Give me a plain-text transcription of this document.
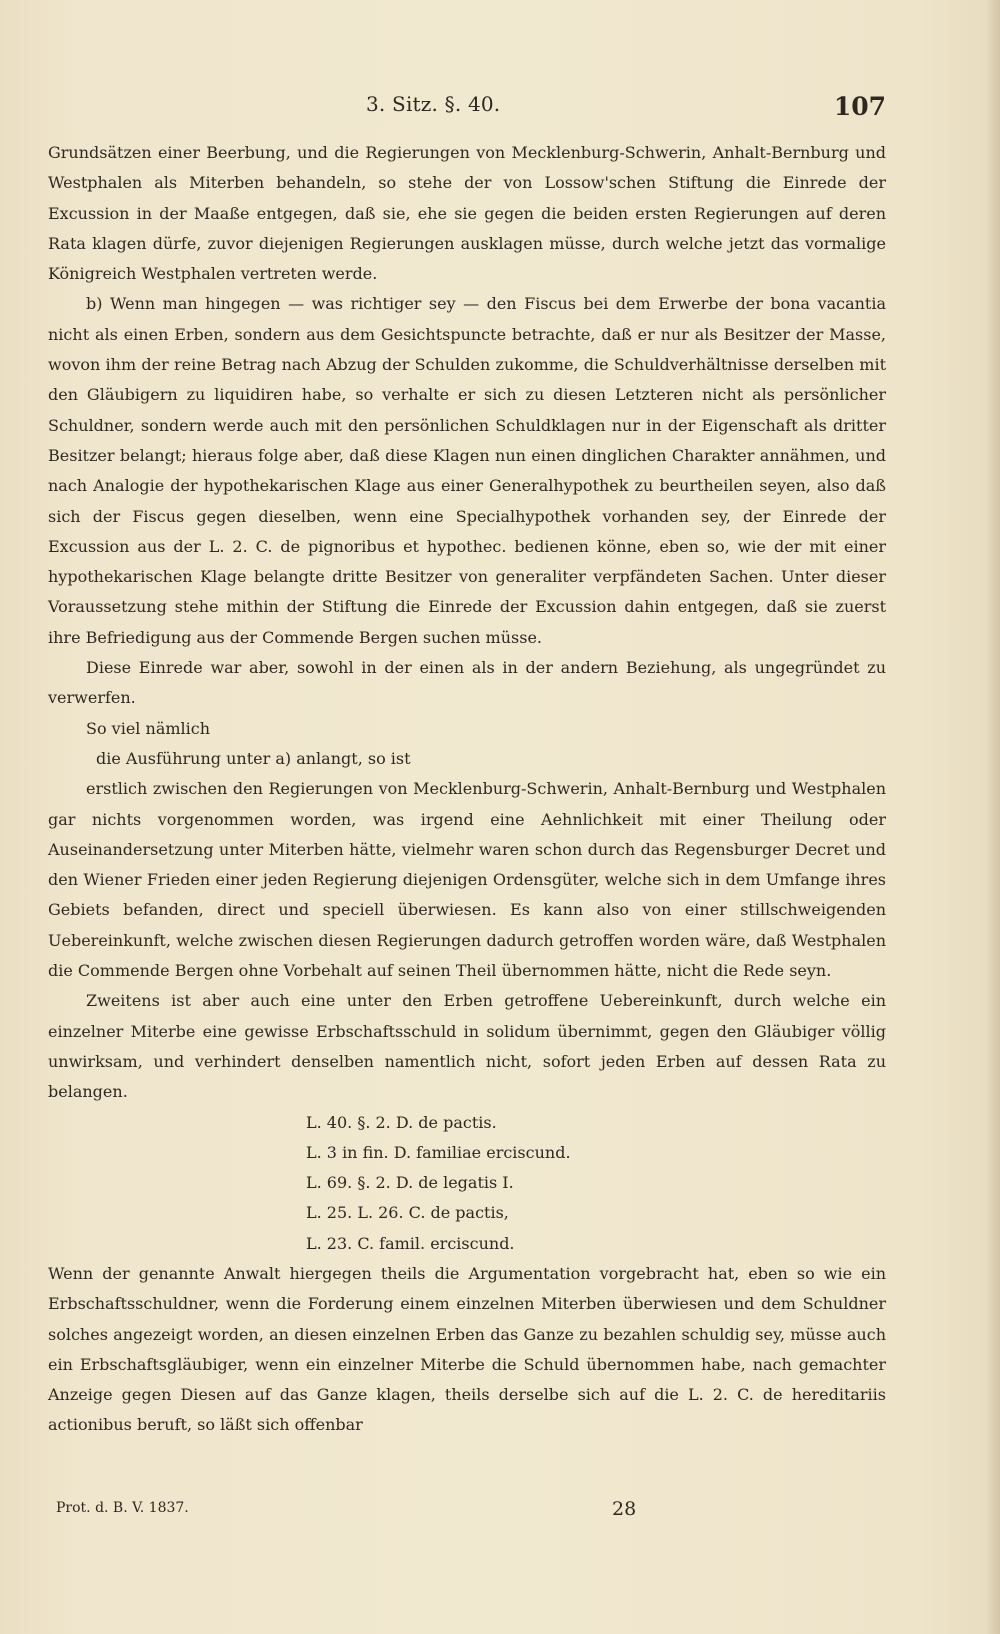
3. Sitz. §. 40.	107

Grundsätzen einer Beerbung, und die Regierungen von Mecklenburg-Schwerin, Anhalt-Bernburg und Westphalen als Miterben behandeln, so stehe der von Lossow'schen Stiftung die Einrede der Excussion in der Maaße entgegen, daß sie, ehe sie gegen die beiden ersten Regierungen auf deren Rata klagen dürfe, zuvor diejenigen Regierungen ausklagen müsse, durch welche jetzt das vormalige Königreich Westphalen vertreten werde.

b) Wenn man hingegen — was richtiger sey — den Fiscus bei dem Erwerbe der bona vacantia nicht als einen Erben, sondern aus dem Gesichtspuncte betrachte, daß er nur als Besitzer der Masse, wovon ihm der reine Betrag nach Abzug der Schulden zukomme, die Schuldverhältnisse derselben mit den Gläubigern zu liquidiren habe, so verhalte er sich zu diesen Letzteren nicht als persönlicher Schuldner, sondern werde auch mit den persönlichen Schuldklagen nur in der Eigenschaft als dritter Besitzer belangt; hieraus folge aber, daß diese Klagen nun einen dinglichen Charakter annähmen, und nach Analogie der hypothekarischen Klage aus einer Generalhypothek zu beurtheilen seyen, also daß sich der Fiscus gegen dieselben, wenn eine Specialhypothek vorhanden sey, der Einrede der Excussion aus der L. 2. C. de pignoribus et hypothec. bedienen könne, eben so, wie der mit einer hypothekarischen Klage belangte dritte Besitzer von generaliter verpfändeten Sachen. Unter dieser Voraussetzung stehe mithin der Stiftung die Einrede der Excussion dahin entgegen, daß sie zuerst ihre Befriedigung aus der Commende Bergen suchen müsse.

Diese Einrede war aber, sowohl in der einen als in der andern Beziehung, als ungegründet zu verwerfen.

So viel nämlich

die Ausführung unter a) anlangt, so ist

erstlich zwischen den Regierungen von Mecklenburg-Schwerin, Anhalt-Bernburg und Westphalen gar nichts vorgenommen worden, was irgend eine Aehnlichkeit mit einer Theilung oder Auseinandersetzung unter Miterben hätte, vielmehr waren schon durch das Regensburger Decret und den Wiener Frieden einer jeden Regierung diejenigen Ordensgüter, welche sich in dem Umfange ihres Gebiets befanden, direct und speciell überwiesen. Es kann also von einer stillschweigenden Uebereinkunft, welche zwischen diesen Regierungen dadurch getroffen worden wäre, daß Westphalen die Commende Bergen ohne Vorbehalt auf seinen Theil übernommen hätte, nicht die Rede seyn.

Zweitens ist aber auch eine unter den Erben getroffene Uebereinkunft, durch welche ein einzelner Miterbe eine gewisse Erbschaftsschuld in solidum übernimmt, gegen den Gläubiger völlig unwirksam, und verhindert denselben namentlich nicht, sofort jeden Erben auf dessen Rata zu belangen.

L. 40. §. 2. D. de pactis.
L. 3 in fin. D. familiae erciscund.
L. 69. §. 2. D. de legatis I.
L. 25. L. 26. C. de pactis,
L. 23. C. famil. erciscund.

Wenn der genannte Anwalt hiergegen theils die Argumentation vorgebracht hat, eben so wie ein Erbschaftsschuldner, wenn die Forderung einem einzelnen Miterben überwiesen und dem Schuldner solches angezeigt worden, an diesen einzelnen Erben das Ganze zu bezahlen schuldig sey, müsse auch ein Erbschaftsgläubiger, wenn ein einzelner Miterbe die Schuld übernommen habe, nach gemachter Anzeige gegen Diesen auf das Ganze klagen, theils derselbe sich auf die L. 2. C. de hereditariis actionibus beruft, so läßt sich offenbar

Prot. d. B. V. 1837.	28
